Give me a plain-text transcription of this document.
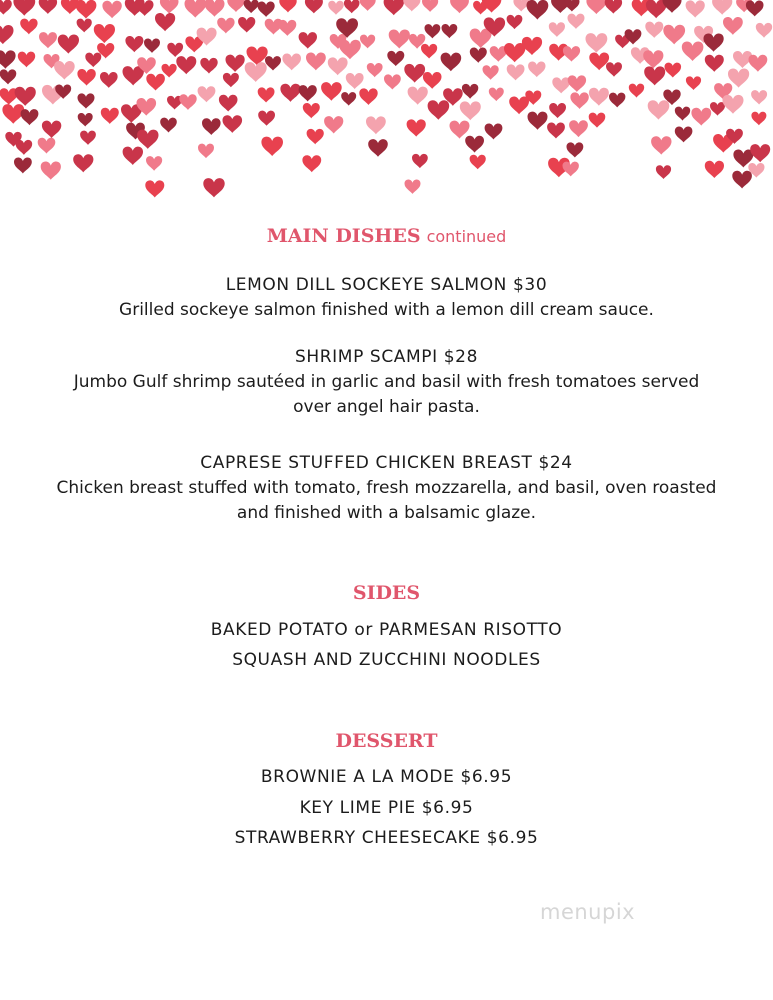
MAIN DISHES continued
LEMON DILL SOCKEYE SALMON $30
Grilled sockeye salmon finished with a lemon dill cream sauce.
SHRIMP SCAMPI $28
Jumbo Gulf shrimp sautéed in garlic and basil with fresh tomatoes served
over angel hair pasta.
CAPRESE STUFFED CHICKEN BREAST $24
Chicken breast stuffed with tomato, fresh mozzarella, and basil, oven roasted
and finished with a balsamic glaze.
SIDES
BAKED POTATO or PARMESAN RISOTTO
SQUASH AND ZUCCHINI NOODLES
DESSERT
BROWNIE A LA MODE $6.95
KEY LIME PIE $6.95
STRAWBERRY CHEESECAKE $6.95
menupix
